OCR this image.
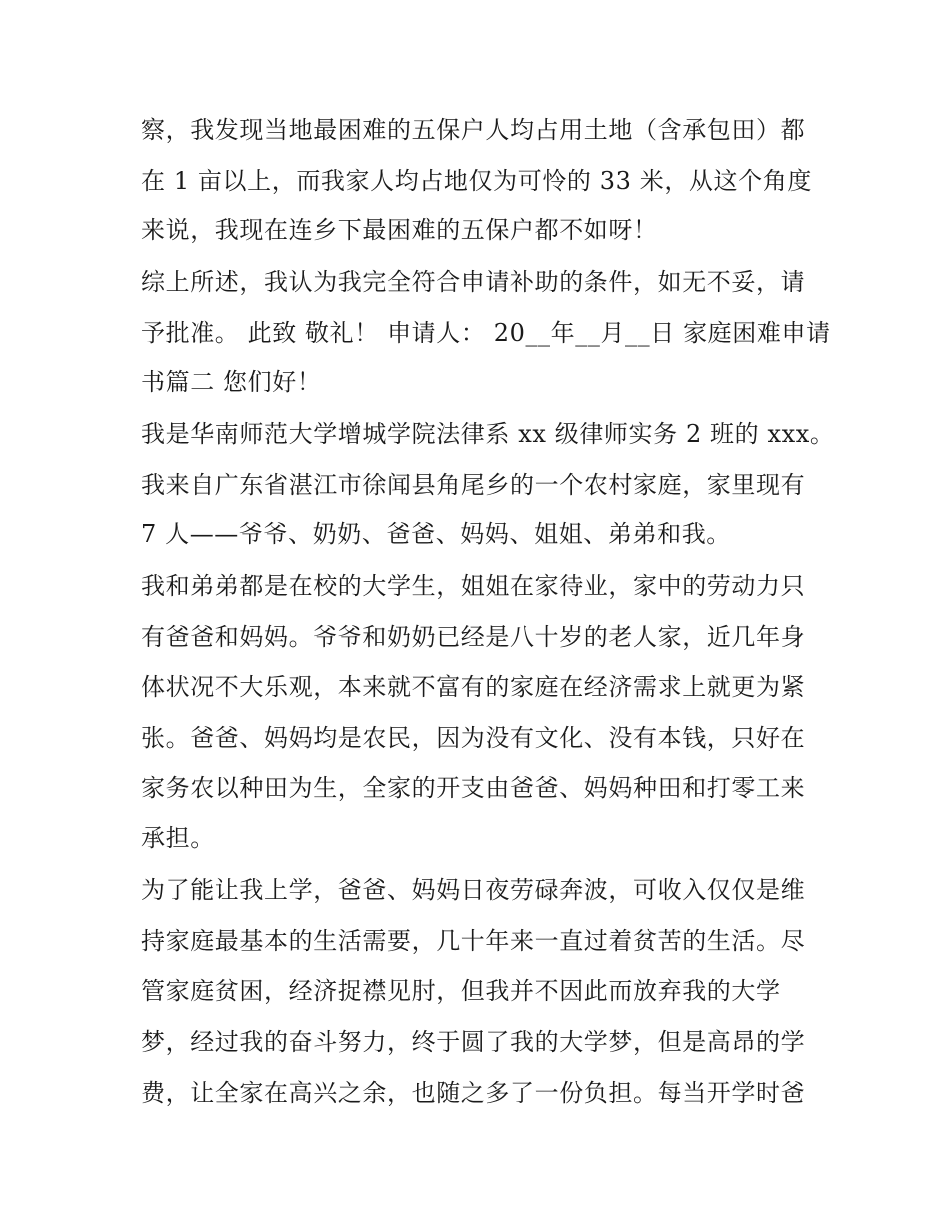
察，我发现当地最困难的五保户人均占用土地（含承包田）都
在 1 亩以上，而我家人均占地仅为可怜的 33 米，从这个角度
来说，我现在连乡下最困难的五保户都不如呀！
综上所述，我认为我完全符合申请补助的条件，如无不妥，请
予批准。 此致 敬礼！ 申请人： 20__年__月__日 家庭困难申请
书篇二 您们好！
我是华南师范大学增城学院法律系 xx 级律师实务 2 班的 xxx。
我来自广东省湛江市徐闻县角尾乡的一个农村家庭，家里现有
7 人——爷爷、奶奶、爸爸、妈妈、姐姐、弟弟和我。
我和弟弟都是在校的大学生，姐姐在家待业，家中的劳动力只
有爸爸和妈妈。爷爷和奶奶已经是八十岁的老人家，近几年身
体状况不大乐观，本来就不富有的家庭在经济需求上就更为紧
张。爸爸、妈妈均是农民，因为没有文化、没有本钱，只好在
家务农以种田为生，全家的开支由爸爸、妈妈种田和打零工来
承担。
为了能让我上学，爸爸、妈妈日夜劳碌奔波，可收入仅仅是维
持家庭最基本的生活需要，几十年来一直过着贫苦的生活。尽
管家庭贫困，经济捉襟见肘，但我并不因此而放弃我的大学
梦，经过我的奋斗努力，终于圆了我的大学梦，但是高昂的学
费，让全家在高兴之余，也随之多了一份负担。每当开学时爸
